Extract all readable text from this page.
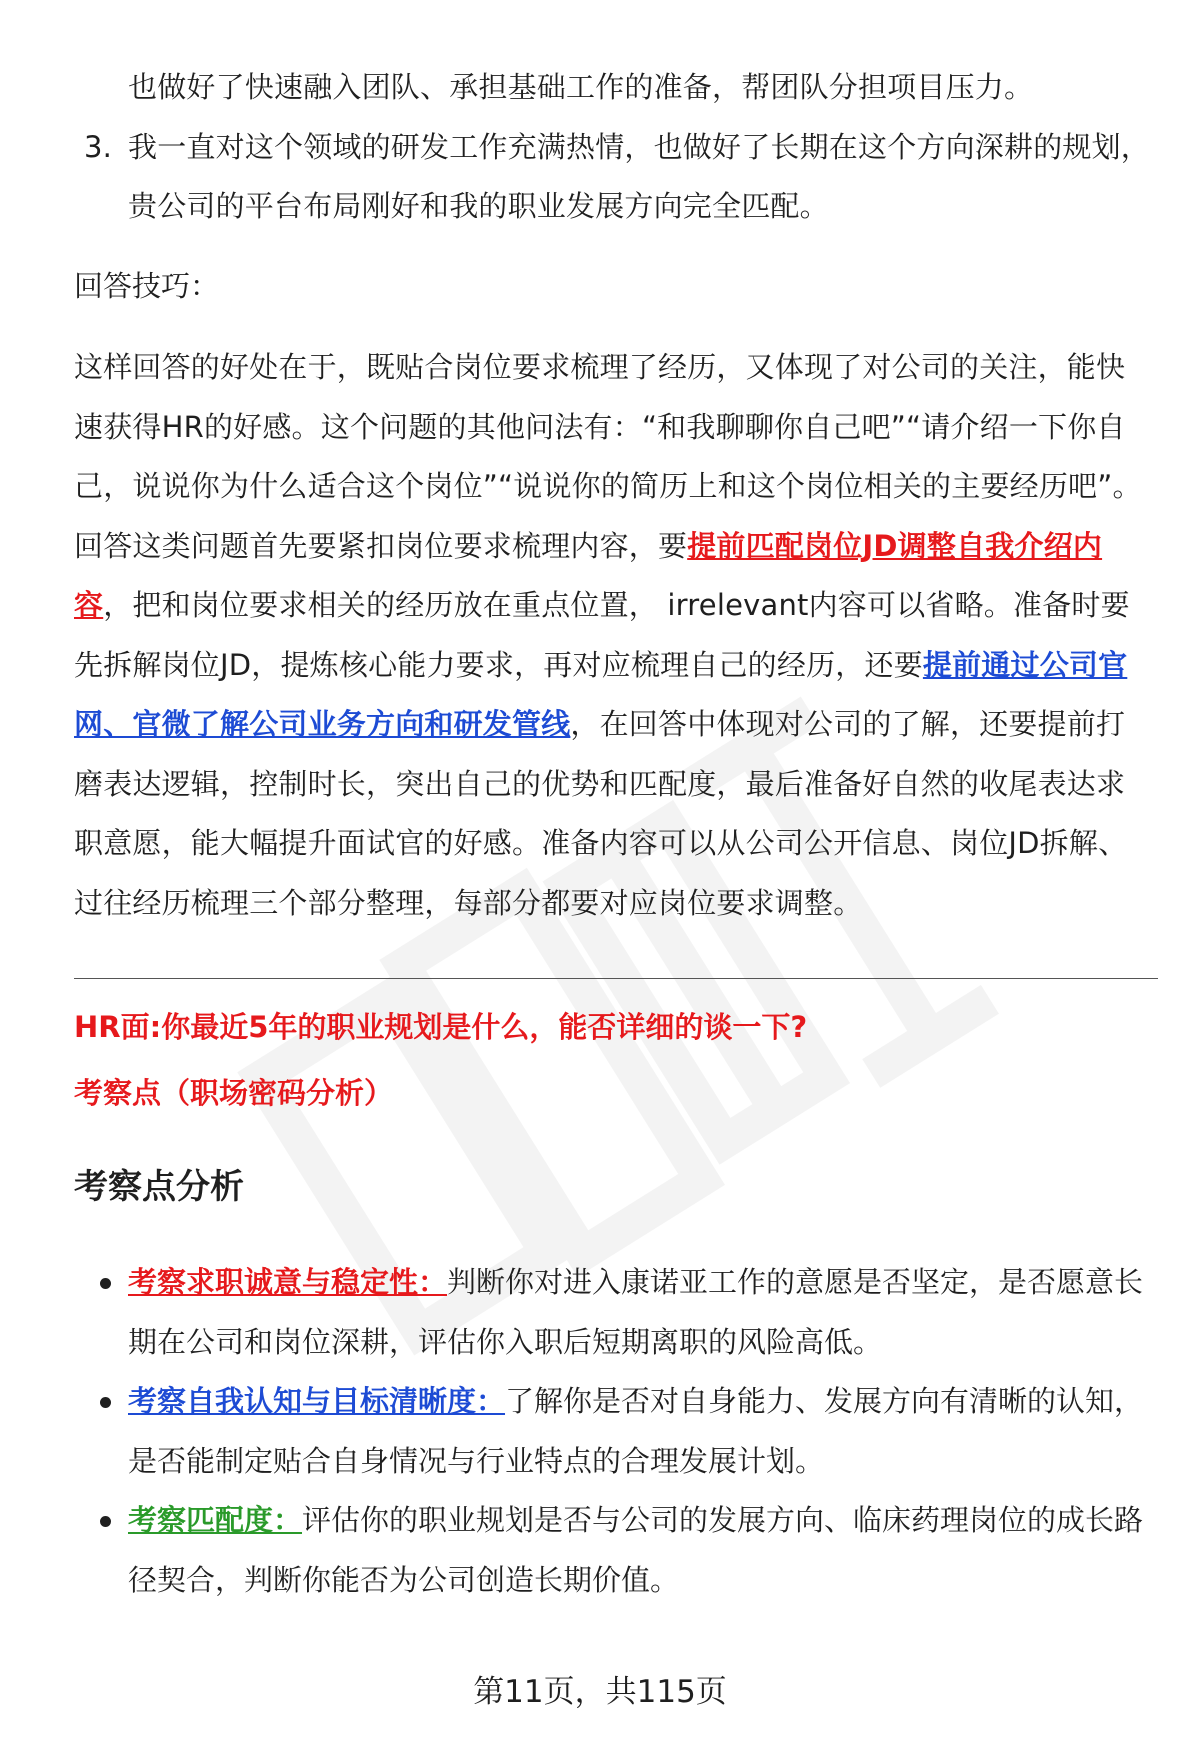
也做好了快速融入团队、承担基础工作的准备，帮团队分担项目压力。

3. 我一直对这个领域的研发工作充满热情，也做好了长期在这个方向深耕的规划，贵公司的平台布局刚好和我的职业发展方向完全匹配。

回答技巧：

这样回答的好处在于，既贴合岗位要求梳理了经历，又体现了对公司的关注，能快速获得HR的好感。这个问题的其他问法有：“和我聊聊你自己吧”“请介绍一下你自己，说说你为什么适合这个岗位”“说说你的简历上和这个岗位相关的主要经历吧”。回答这类问题首先要紧扣岗位要求梳理内容，要提前匹配岗位JD调整自我介绍内容，把和岗位要求相关的经历放在重点位置， irrelevant内容可以省略。准备时要先拆解岗位JD，提炼核心能力要求，再对应梳理自己的经历，还要提前通过公司官网、官微了解公司业务方向和研发管线，在回答中体现对公司的了解，还要提前打磨表达逻辑，控制时长，突出自己的优势和匹配度，最后准备好自然的收尾表达求职意愿，能大幅提升面试官的好感。准备内容可以从公司公开信息、岗位JD拆解、过往经历梳理三个部分整理，每部分都要对应岗位要求调整。

HR面:你最近5年的职业规划是什么，能否详细的谈一下?

考察点（职场密码分析）

考察点分析

考察求职诚意与稳定性：判断你对进入康诺亚工作的意愿是否坚定，是否愿意长期在公司和岗位深耕，评估你入职后短期离职的风险高低。

考察自我认知与目标清晰度：了解你是否对自身能力、发展方向有清晰的认知，是否能制定贴合自身情况与行业特点的合理发展计划。

考察匹配度：评估你的职业规划是否与公司的发展方向、临床药理岗位的成长路径契合，判断你能否为公司创造长期价值。

第11页，共115页
